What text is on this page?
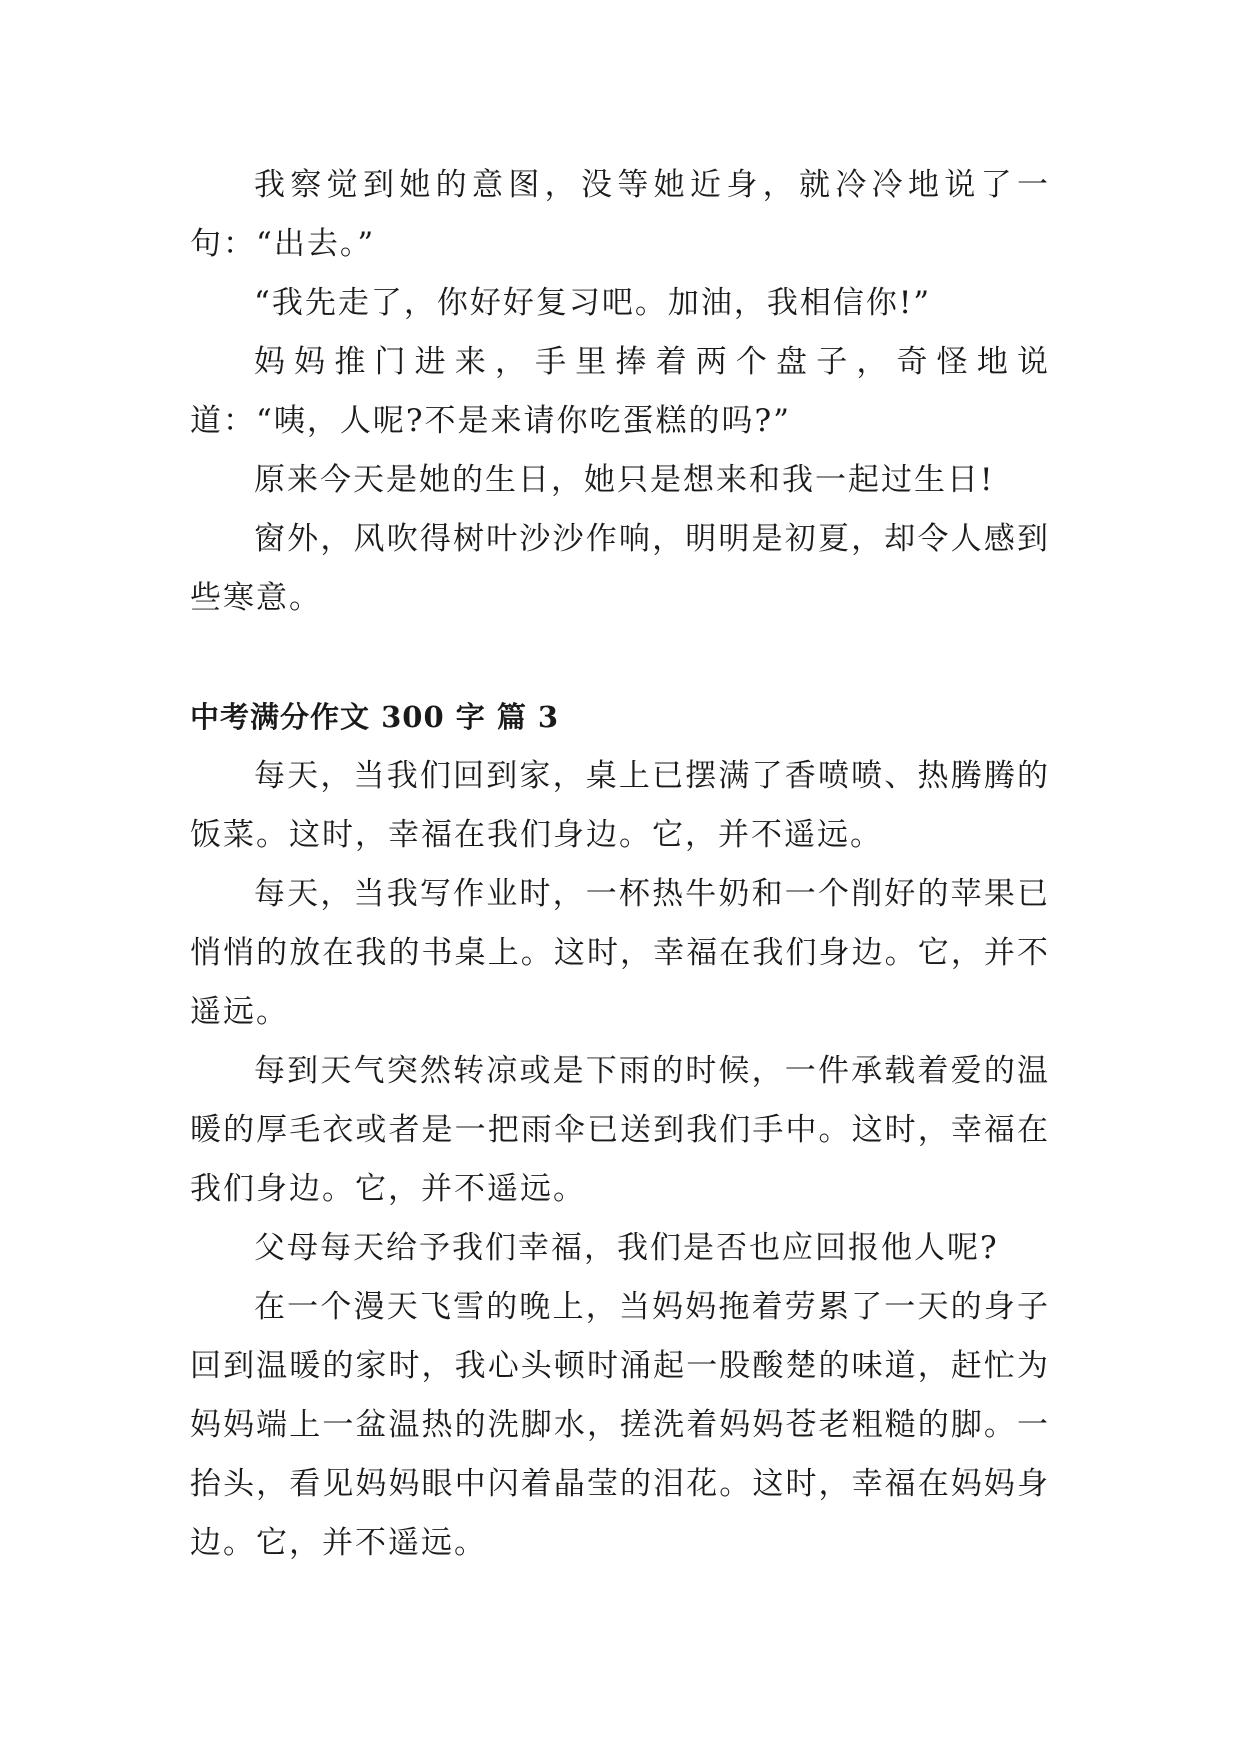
我察觉到她的意图，没等她近身，就冷冷地说了一句：“出去。”

“我先走了，你好好复习吧。加油，我相信你!”

妈妈推门进来，手里捧着两个盘子，奇怪地说道：“咦，人呢?不是来请你吃蛋糕的吗?”

原来今天是她的生日，她只是想来和我一起过生日!

窗外，风吹得树叶沙沙作响，明明是初夏，却令人感到些寒意。

中考满分作文 300 字 篇 3

每天，当我们回到家，桌上已摆满了香喷喷、热腾腾的饭菜。这时，幸福在我们身边。它，并不遥远。

每天，当我写作业时，一杯热牛奶和一个削好的苹果已悄悄的放在我的书桌上。这时，幸福在我们身边。它，并不遥远。

每到天气突然转凉或是下雨的时候，一件承载着爱的温暖的厚毛衣或者是一把雨伞已送到我们手中。这时，幸福在我们身边。它，并不遥远。

父母每天给予我们幸福，我们是否也应回报他人呢?

在一个漫天飞雪的晚上，当妈妈拖着劳累了一天的身子回到温暖的家时，我心头顿时涌起一股酸楚的味道，赶忙为妈妈端上一盆温热的洗脚水，搓洗着妈妈苍老粗糙的脚。一抬头，看见妈妈眼中闪着晶莹的泪花。这时，幸福在妈妈身边。它，并不遥远。
